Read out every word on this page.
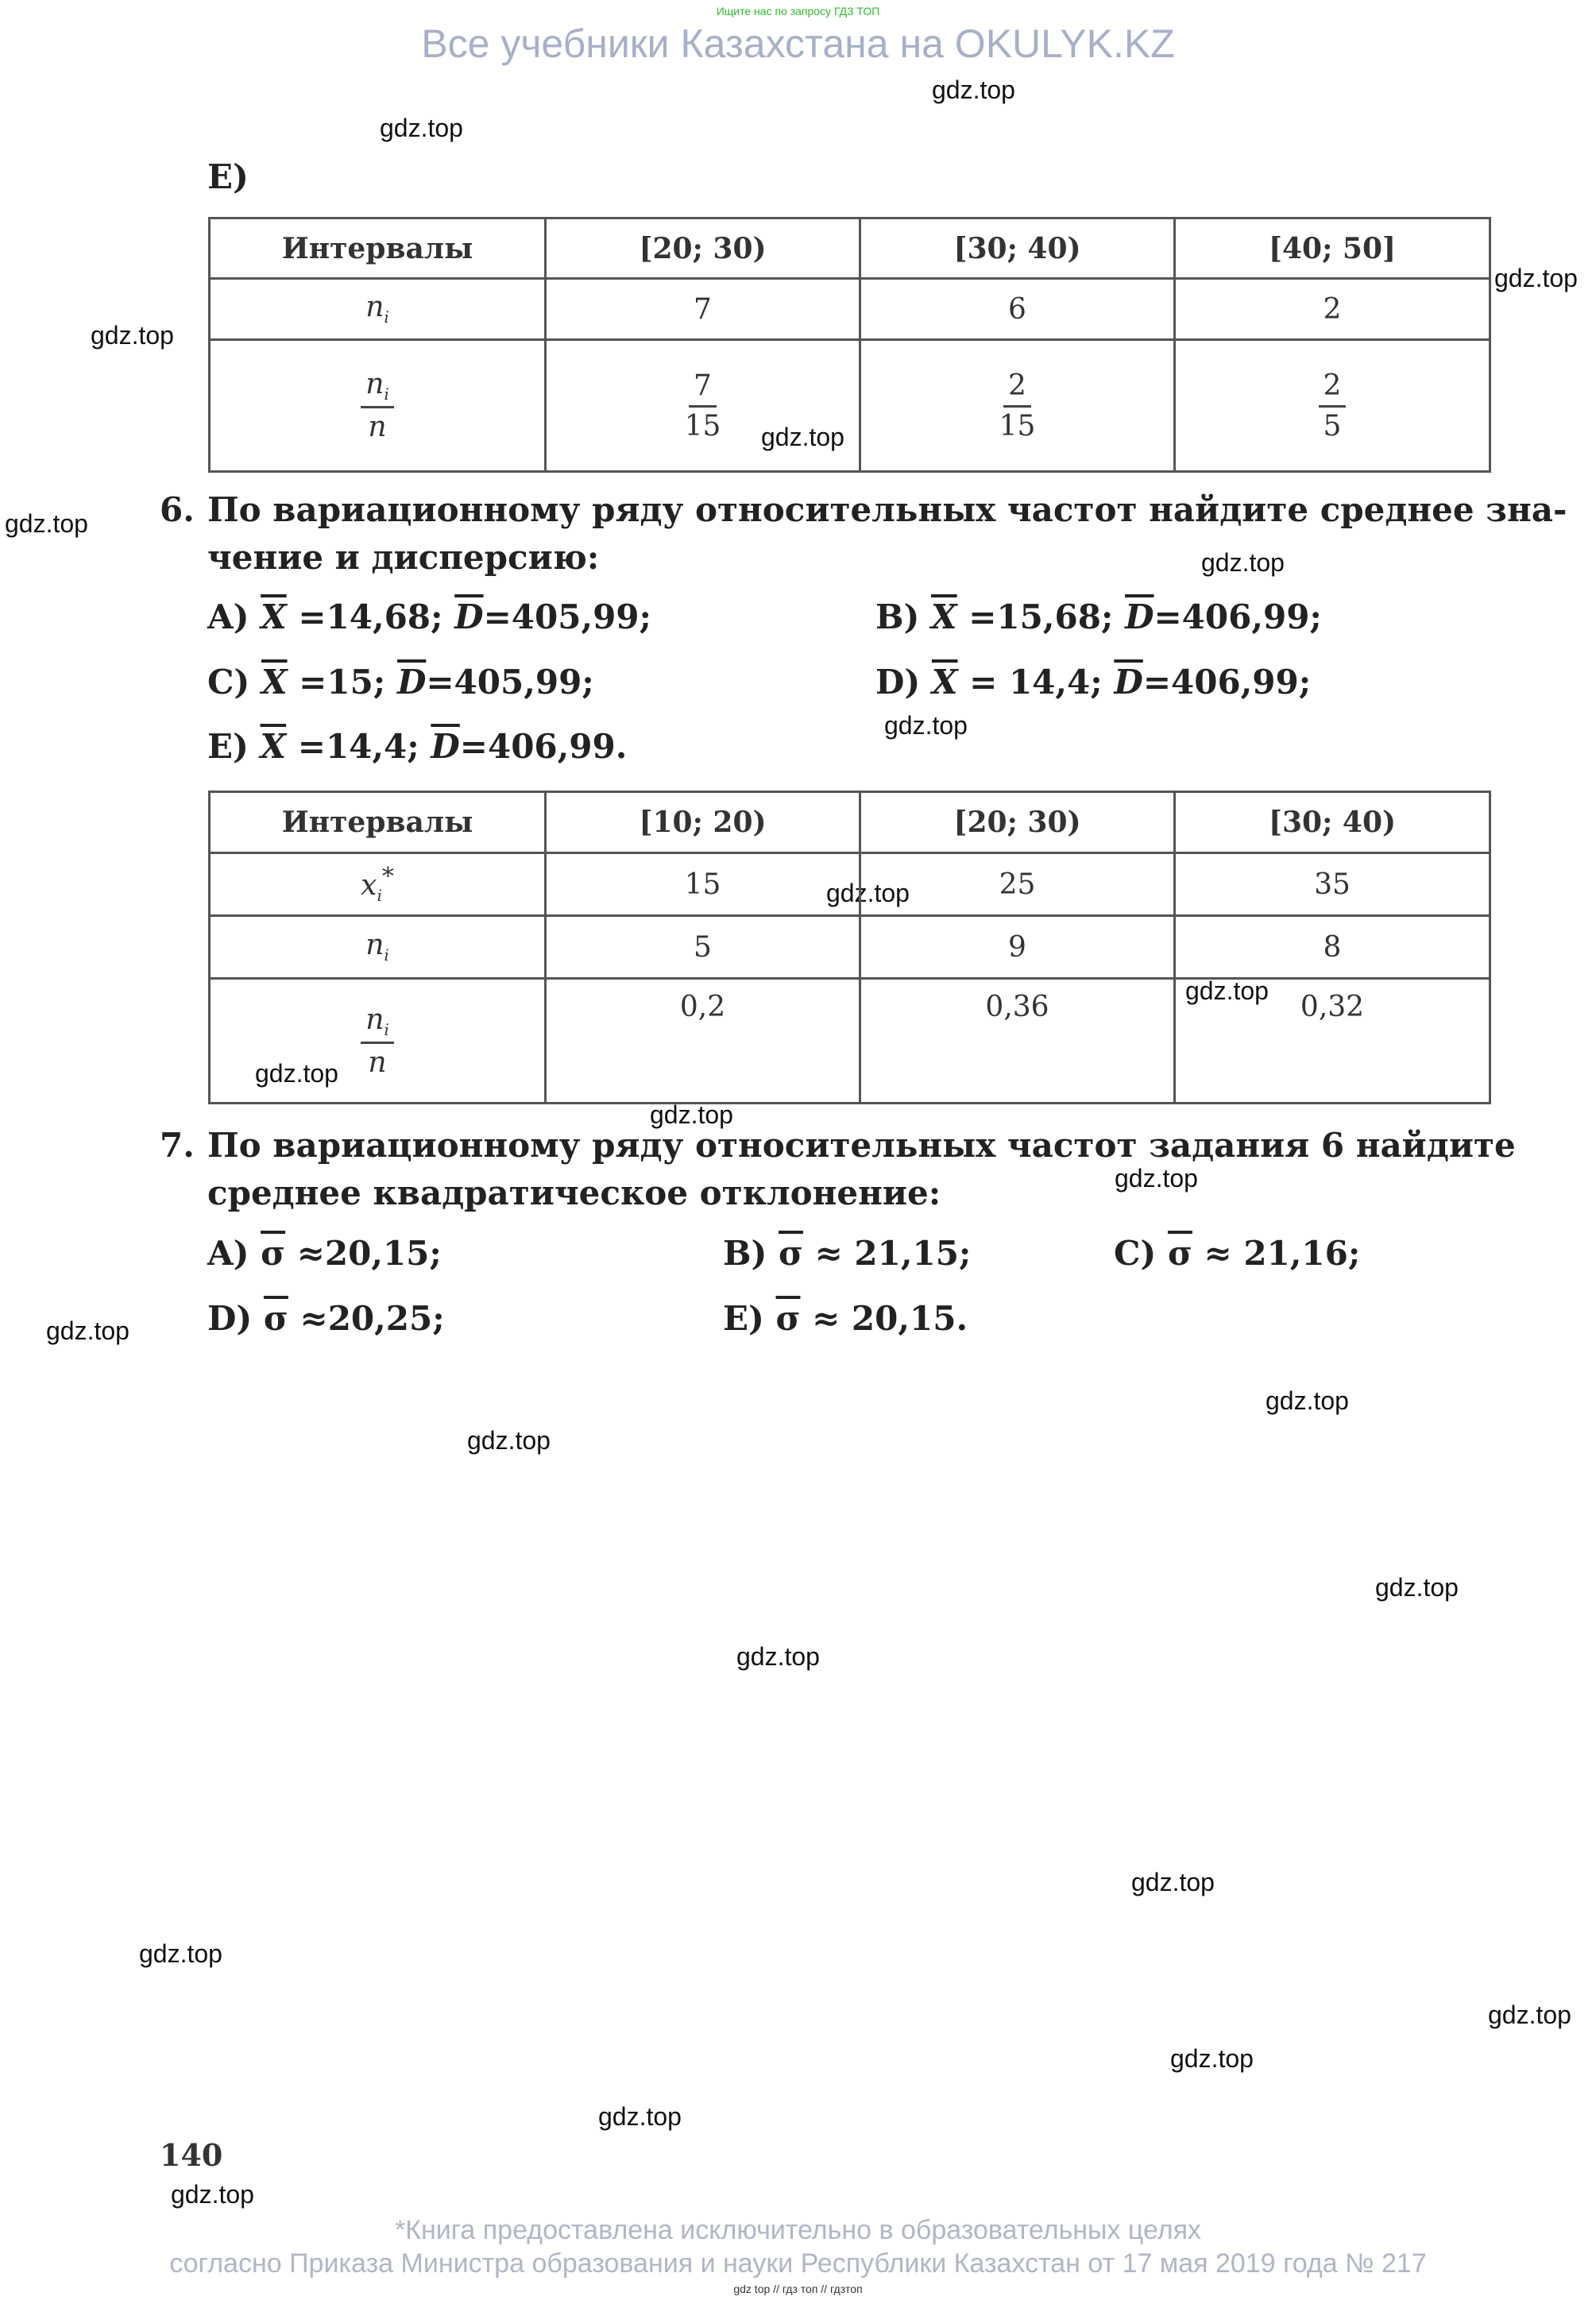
Ищите нас по запросу ГДЗ ТОП
Все учебники Казахстана на OKULYK.KZ
gdz.top
gdz.top
gdz.top
gdz.top
gdz.top
gdz.top
gdz.top
gdz.top
gdz.top
gdz.top
gdz.top
gdz.top
gdz.top
gdz.top
gdz.top
gdz.top
gdz.top
gdz.top
gdz.top
gdz.top
gdz.top
gdz.top
gdz.top
gdz.top
E)
Интервалы	[20; 30)	[30; 40)	[40; 50]
$n_i$	7	6	2

$\frac{n_i}{n}$	$\frac{7}{15}$	$\frac{2}{15}$	$\frac{2}{5}$
6. По вариационному ряду относительных частот найдите среднее зна-
чение и дисперсию:
A) $\overline{X} =14,68$; $\overline{D}=405,99$;	B) $\overline{X} =15,68$; $\overline{D}=406,99$;
C) $\overline{X} =15$; $\overline{D}=405,99$;	D) $\overline{X} = 14,4$; $\overline{D}=406,99$;
E) $\overline{X} =14,4$; $\overline{D}=406,99$.
Интервалы	[10; 20)	[20; 30)	[30; 40)
$x_i^*$	15	25	35
$n_i$	5	9	8

$\frac{n_i}{n}$	0,2	0,36	0,32
7. По вариационному ряду относительных частот задания 6 найдите
среднее квадратическое отклонение:
A) $\overline{\sigma} \approx 20,15$;	B) $\overline{\sigma} \approx 21,15$;	C) $\overline{\sigma} \approx 21,16$;
D) $\overline{\sigma} \approx 20,25$;	E) $\overline{\sigma} \approx 20,15$.
140
*Книга предоставлена исключительно в образовательных целях
согласно Приказа Министра образования и науки Республики Казахстан от 17 мая 2019 года № 217
gdz top // гдз топ // гдзтоп
